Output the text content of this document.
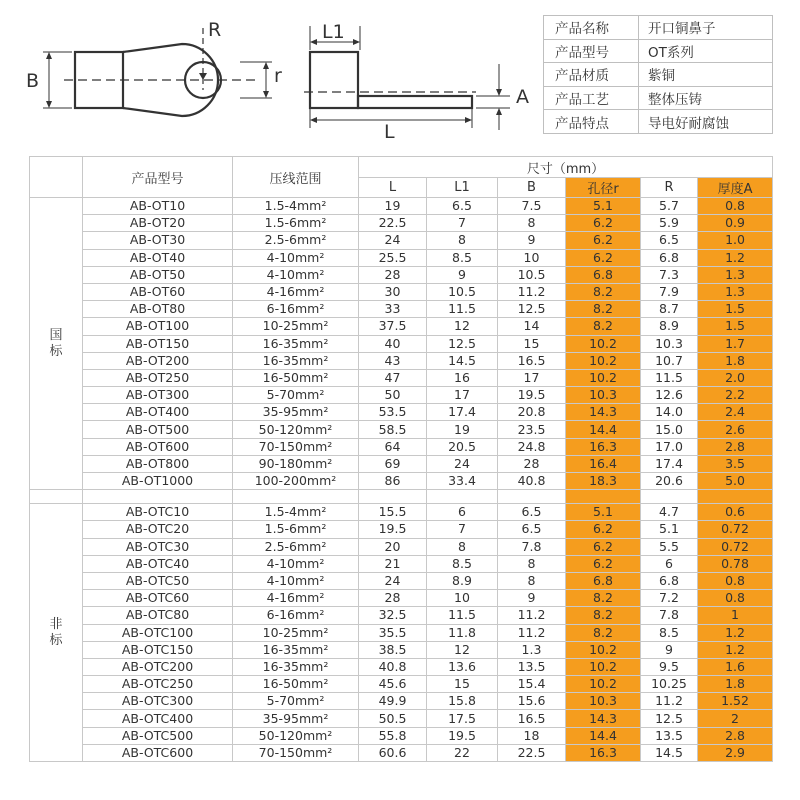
B
R
r
L1
L
A
产品名称	开口铜鼻子
产品型号	OT系列
产品材质	紫铜
产品工艺	整体压铸
产品特点	导电好耐腐蚀
	产品型号	压线范围	尺寸（mm）					
			L	L1	B	孔径r	R	厚度A
国标	AB-OT10	1.5-4mm²	19	6.5	7.5	5.1	5.7	0.8
	AB-OT20	1.5-6mm²	22.5	7	8	6.2	5.9	0.9
	AB-OT30	2.5-6mm²	24	8	9	6.2	6.5	1.0
	AB-OT40	4-10mm²	25.5	8.5	10	6.2	6.8	1.2
	AB-OT50	4-10mm²	28	9	10.5	6.8	7.3	1.3
	AB-OT60	4-16mm²	30	10.5	11.2	8.2	7.9	1.3
	AB-OT80	6-16mm²	33	11.5	12.5	8.2	8.7	1.5
	AB-OT100	10-25mm²	37.5	12	14	8.2	8.9	1.5
	AB-OT150	16-35mm²	40	12.5	15	10.2	10.3	1.7
	AB-OT200	16-35mm²	43	14.5	16.5	10.2	10.7	1.8
	AB-OT250	16-50mm²	47	16	17	10.2	11.5	2.0
	AB-OT300	5-70mm²	50	17	19.5	10.3	12.6	2.2
	AB-OT400	35-95mm²	53.5	17.4	20.8	14.3	14.0	2.4
	AB-OT500	50-120mm²	58.5	19	23.5	14.4	15.0	2.6
	AB-OT600	70-150mm²	64	20.5	24.8	16.3	17.0	2.8
	AB-OT800	90-180mm²	69	24	28	16.4	17.4	3.5
	AB-OT1000	100-200mm²	86	33.4	40.8	18.3	20.6	5.0

非标	AB-OTC10	1.5-4mm²	15.5	6	6.5	5.1	4.7	0.6
	AB-OTC20	1.5-6mm²	19.5	7	6.5	6.2	5.1	0.72
	AB-OTC30	2.5-6mm²	20	8	7.8	6.2	5.5	0.72
	AB-OTC40	4-10mm²	21	8.5	8	6.2	6	0.78
	AB-OTC50	4-10mm²	24	8.9	8	6.8	6.8	0.8
	AB-OTC60	4-16mm²	28	10	9	8.2	7.2	0.8
	AB-OTC80	6-16mm²	32.5	11.5	11.2	8.2	7.8	1
	AB-OTC100	10-25mm²	35.5	11.8	11.2	8.2	8.5	1.2
	AB-OTC150	16-35mm²	38.5	12	1.3	10.2	9	1.2
	AB-OTC200	16-35mm²	40.8	13.6	13.5	10.2	9.5	1.6
	AB-OTC250	16-50mm²	45.6	15	15.4	10.2	10.25	1.8
	AB-OTC300	5-70mm²	49.9	15.8	15.6	10.3	11.2	1.52
	AB-OTC400	35-95mm²	50.5	17.5	16.5	14.3	12.5	2
	AB-OTC500	50-120mm²	55.8	19.5	18	14.4	13.5	2.8
	AB-OTC600	70-150mm²	60.6	22	22.5	16.3	14.5	2.9
